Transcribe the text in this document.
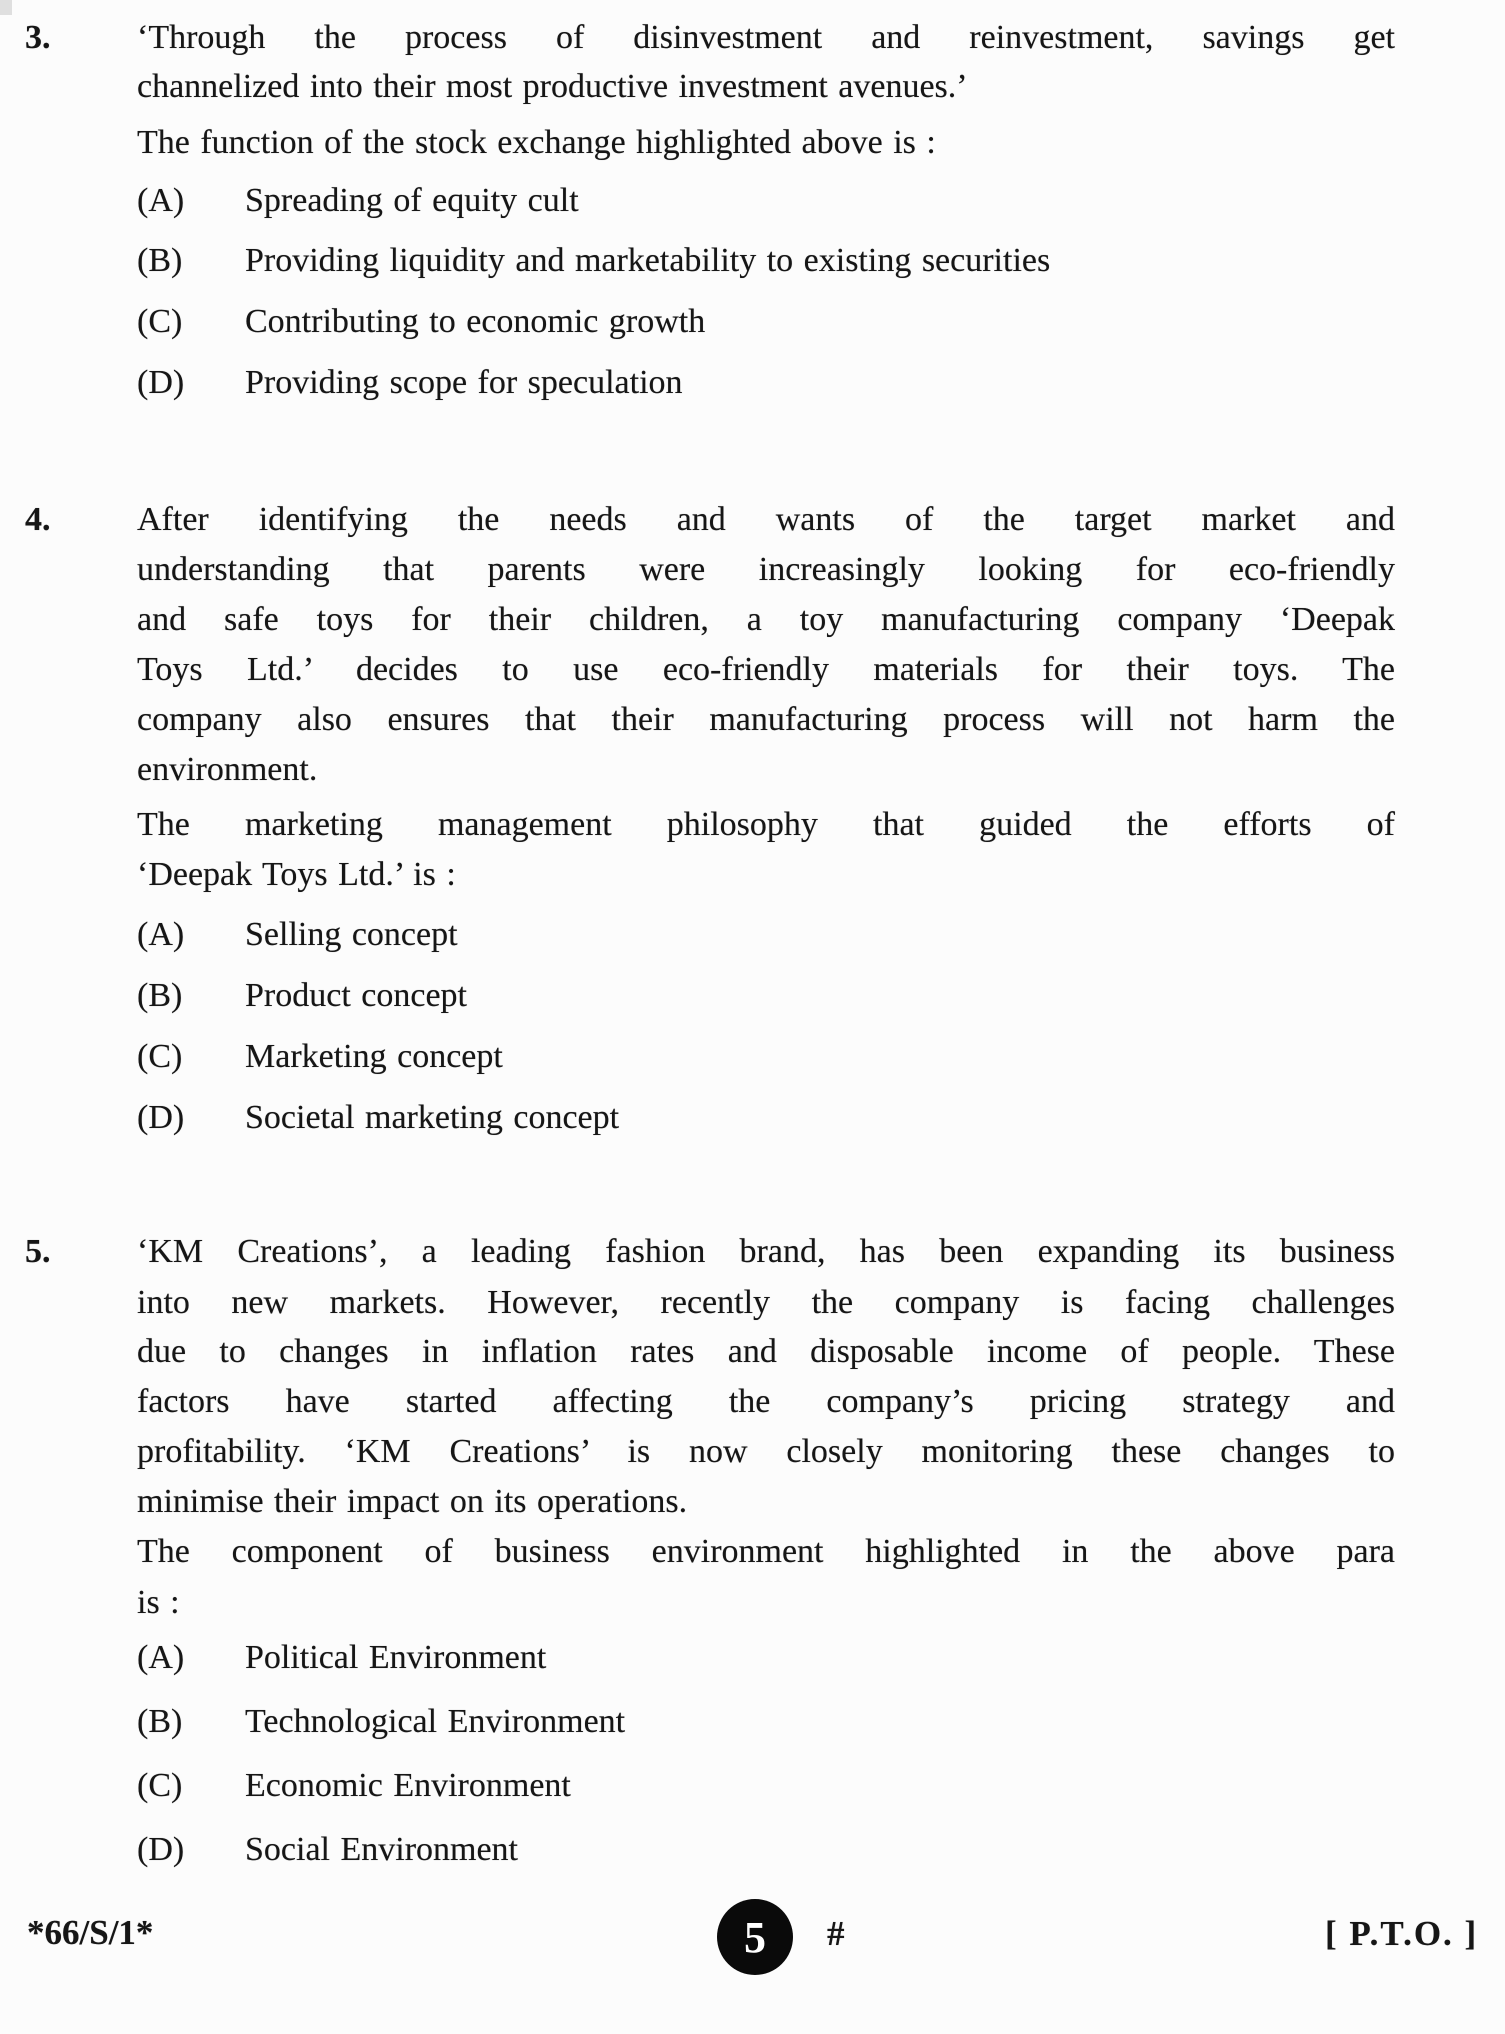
3.	‘Through the process of disinvestment and reinvestment, savings get
channelized into their most productive investment avenues.’
The function of the stock exchange highlighted above is :
(A) Spreading of equity cult
(B) Providing liquidity and marketability to existing securities
(C) Contributing to economic growth
(D) Providing scope for speculation
4.	After identifying the needs and wants of the target market and
understanding that parents were increasingly looking for eco-friendly
and safe toys for their children, a toy manufacturing company ‘Deepak
Toys Ltd.’ decides to use eco-friendly materials for their toys. The
company also ensures that their manufacturing process will not harm the
environment.
The marketing management philosophy that guided the efforts of
‘Deepak Toys Ltd.’ is :
(A) Selling concept
(B) Product concept
(C) Marketing concept
(D) Societal marketing concept
5.	‘KM Creations’, a leading fashion brand, has been expanding its business
into new markets. However, recently the company is facing challenges
due to changes in inflation rates and disposable income of people. These
factors have started affecting the company’s pricing strategy and
profitability. ‘KM Creations’ is now closely monitoring these changes to
minimise their impact on its operations.
The component of business environment highlighted in the above para
is :
(A) Political Environment
(B) Technological Environment
(C) Economic Environment
(D) Social Environment
*66/S/1*	5 #	[ P.T.O. ]
